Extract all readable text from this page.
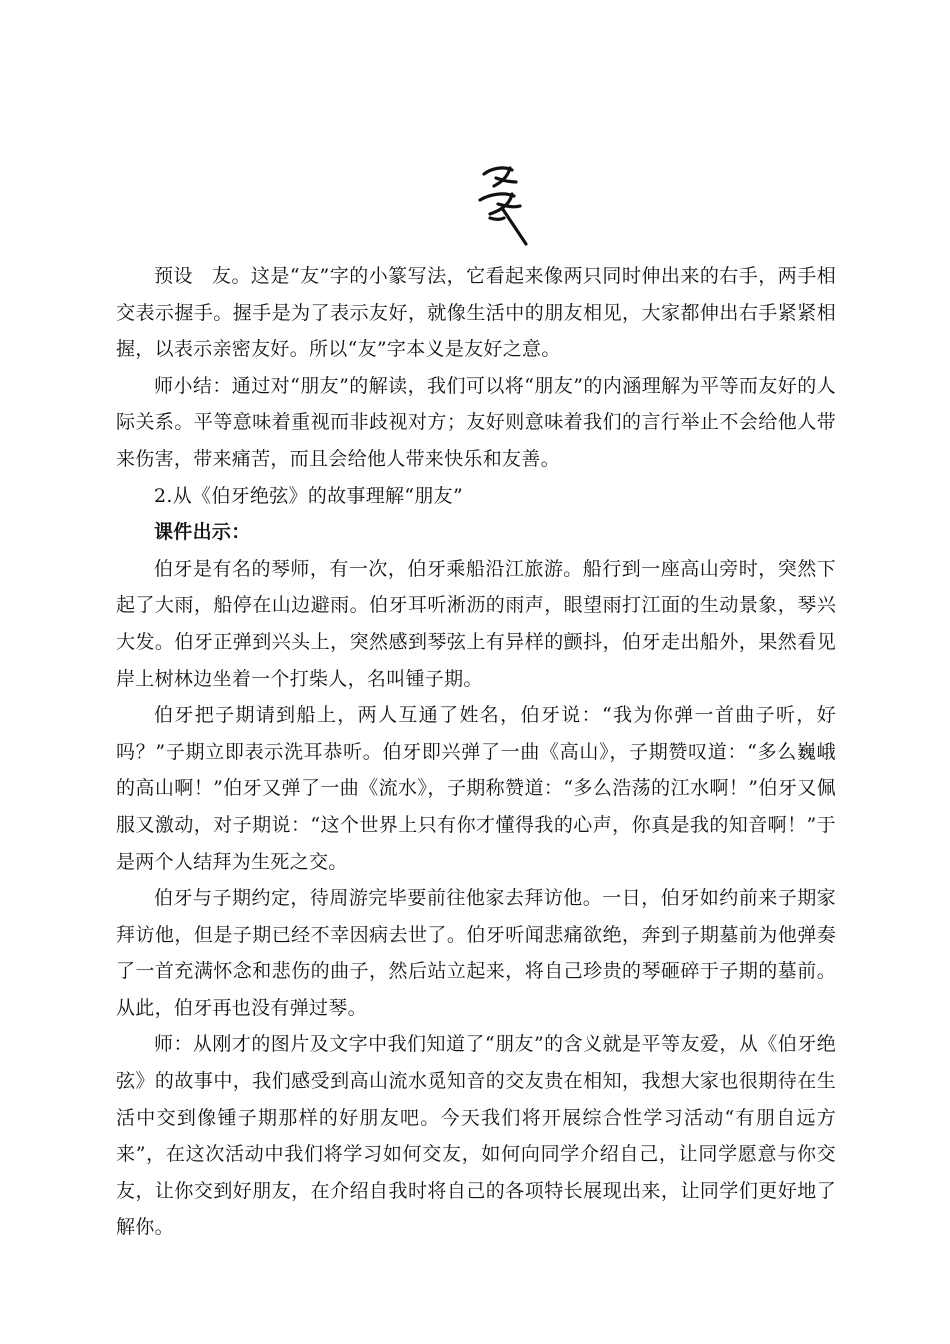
预设 友。这是“友”字的小篆写法，它看起来像两只同时伸出来的右手，两手相交表示握手。握手是为了表示友好，就像生活中的朋友相见，大家都伸出右手紧紧相握，以表示亲密友好。所以“友”字本义是友好之意。

师小结：通过对“朋友”的解读，我们可以将“朋友”的内涵理解为平等而友好的人际关系。平等意味着重视而非歧视对方；友好则意味着我们的言行举止不会给他人带来伤害，带来痛苦，而且会给他人带来快乐和友善。

2.从《伯牙绝弦》的故事理解“朋友”

课件出示：

伯牙是有名的琴师，有一次，伯牙乘船沿江旅游。船行到一座高山旁时，突然下起了大雨，船停在山边避雨。伯牙耳听淅沥的雨声，眼望雨打江面的生动景象，琴兴大发。伯牙正弹到兴头上，突然感到琴弦上有异样的颤抖，伯牙走出船外，果然看见岸上树林边坐着一个打柴人，名叫锺子期。

伯牙把子期请到船上，两人互通了姓名，伯牙说：“我为你弹一首曲子听，好吗？”子期立即表示洗耳恭听。伯牙即兴弹了一曲《高山》，子期赞叹道：“多么巍峨的高山啊！”伯牙又弹了一曲《流水》，子期称赞道：“多么浩荡的江水啊！”伯牙又佩服又激动，对子期说：“这个世界上只有你才懂得我的心声，你真是我的知音啊！”于是两个人结拜为生死之交。

伯牙与子期约定，待周游完毕要前往他家去拜访他。一日，伯牙如约前来子期家拜访他，但是子期已经不幸因病去世了。伯牙听闻悲痛欲绝，奔到子期墓前为他弹奏了一首充满怀念和悲伤的曲子，然后站立起来，将自己珍贵的琴砸碎于子期的墓前。从此，伯牙再也没有弹过琴。

师：从刚才的图片及文字中我们知道了“朋友”的含义就是平等友爱，从《伯牙绝弦》的故事中，我们感受到高山流水觅知音的交友贵在相知，我想大家也很期待在生活中交到像锺子期那样的好朋友吧。今天我们将开展综合性学习活动“有朋自远方来”，在这次活动中我们将学习如何交友，如何向同学介绍自己，让同学愿意与你交友，让你交到好朋友，在介绍自我时将自己的各项特长展现出来，让同学们更好地了解你。
